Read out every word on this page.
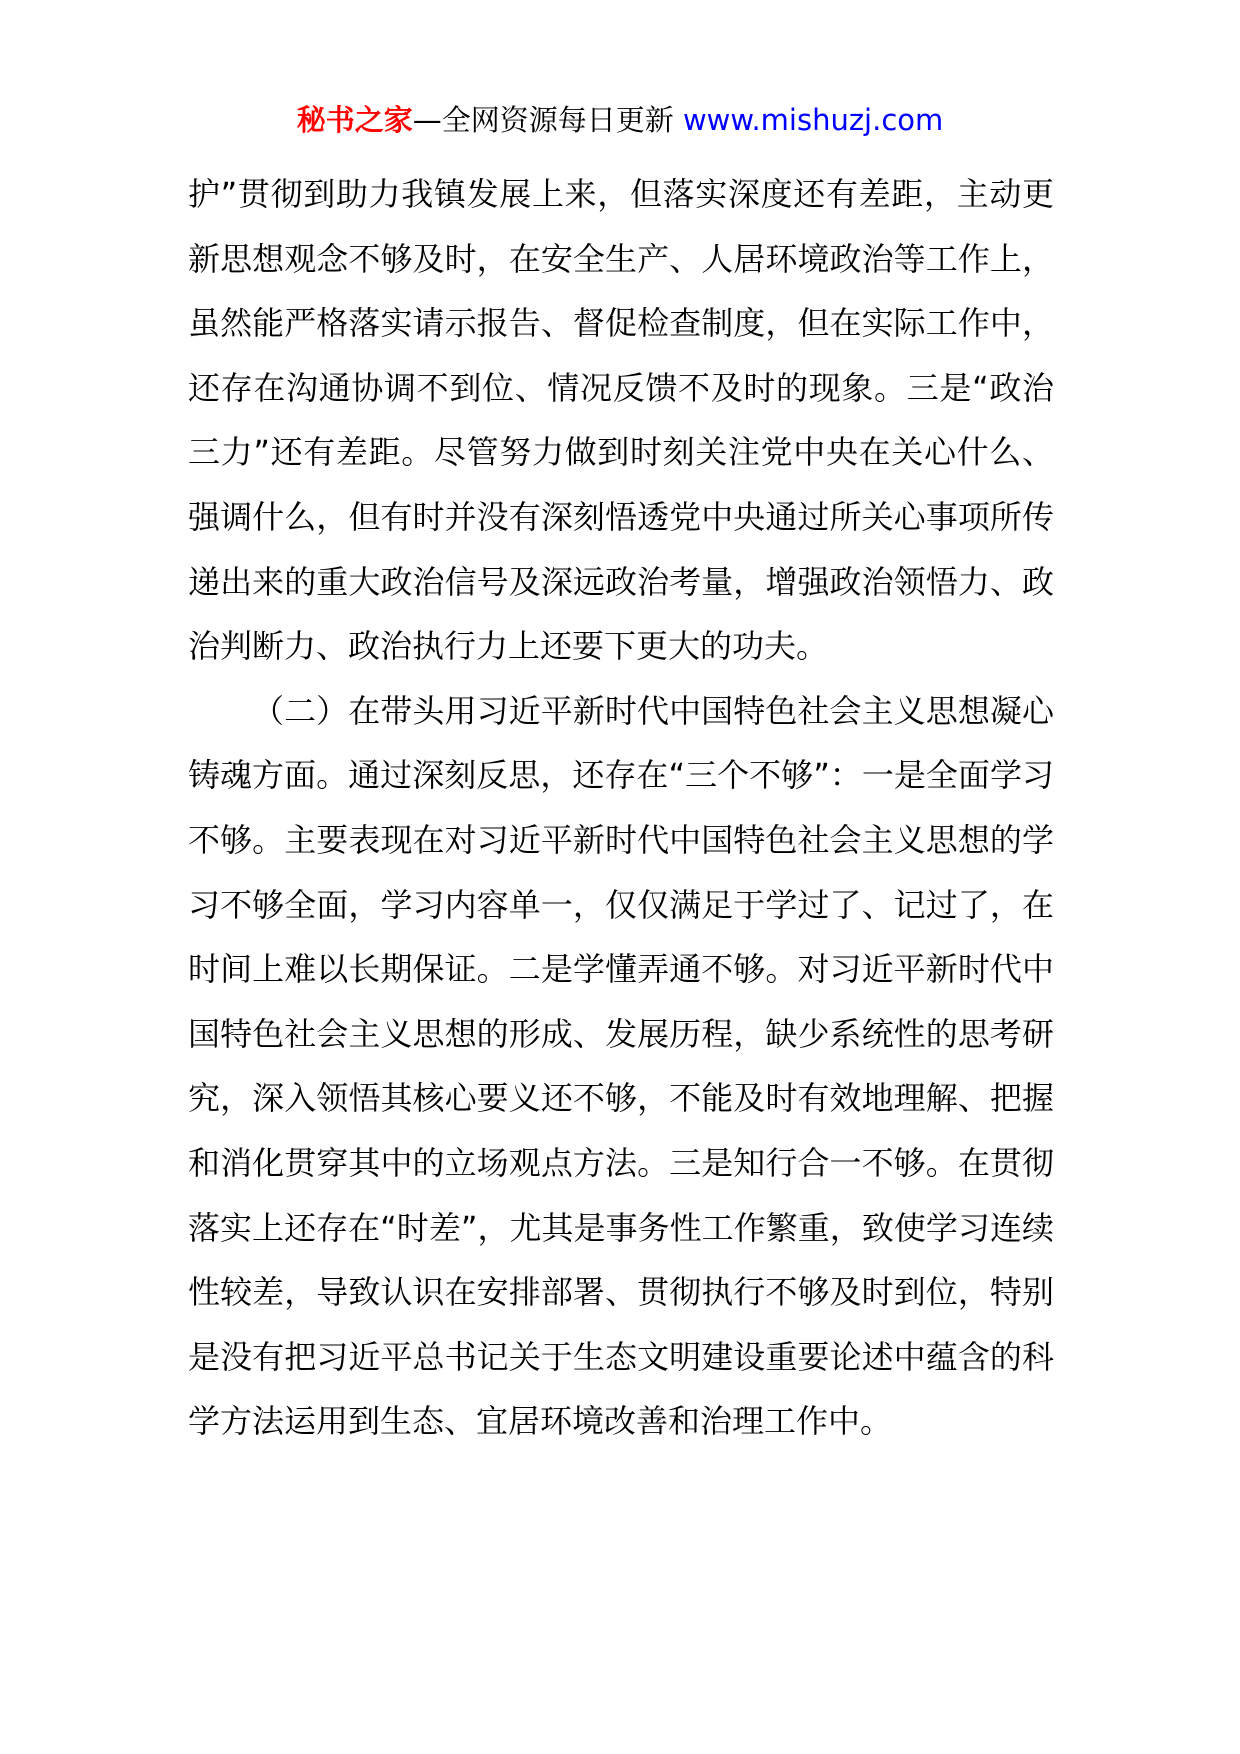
秘书之家—全网资源每日更新 www.mishuzj.com

护”贯彻到助力我镇发展上来，但落实深度还有差距，主动更新思想观念不够及时，在安全生产、人居环境政治等工作上，虽然能严格落实请示报告、督促检查制度，但在实际工作中，还存在沟通协调不到位、情况反馈不及时的现象。三是“政治三力”还有差距。尽管努力做到时刻关注党中央在关心什么、强调什么，但有时并没有深刻悟透党中央通过所关心事项所传递出来的重大政治信号及深远政治考量，增强政治领悟力、政治判断力、政治执行力上还要下更大的功夫。

（二）在带头用习近平新时代中国特色社会主义思想凝心铸魂方面。通过深刻反思，还存在“三个不够”：一是全面学习不够。主要表现在对习近平新时代中国特色社会主义思想的学习不够全面，学习内容单一，仅仅满足于学过了、记过了，在时间上难以长期保证。二是学懂弄通不够。对习近平新时代中国特色社会主义思想的形成、发展历程，缺少系统性的思考研究，深入领悟其核心要义还不够，不能及时有效地理解、把握和消化贯穿其中的立场观点方法。三是知行合一不够。在贯彻落实上还存在“时差”，尤其是事务性工作繁重，致使学习连续性较差，导致认识在安排部署、贯彻执行不够及时到位，特别是没有把习近平总书记关于生态文明建设重要论述中蕴含的科学方法运用到生态、宜居环境改善和治理工作中。
